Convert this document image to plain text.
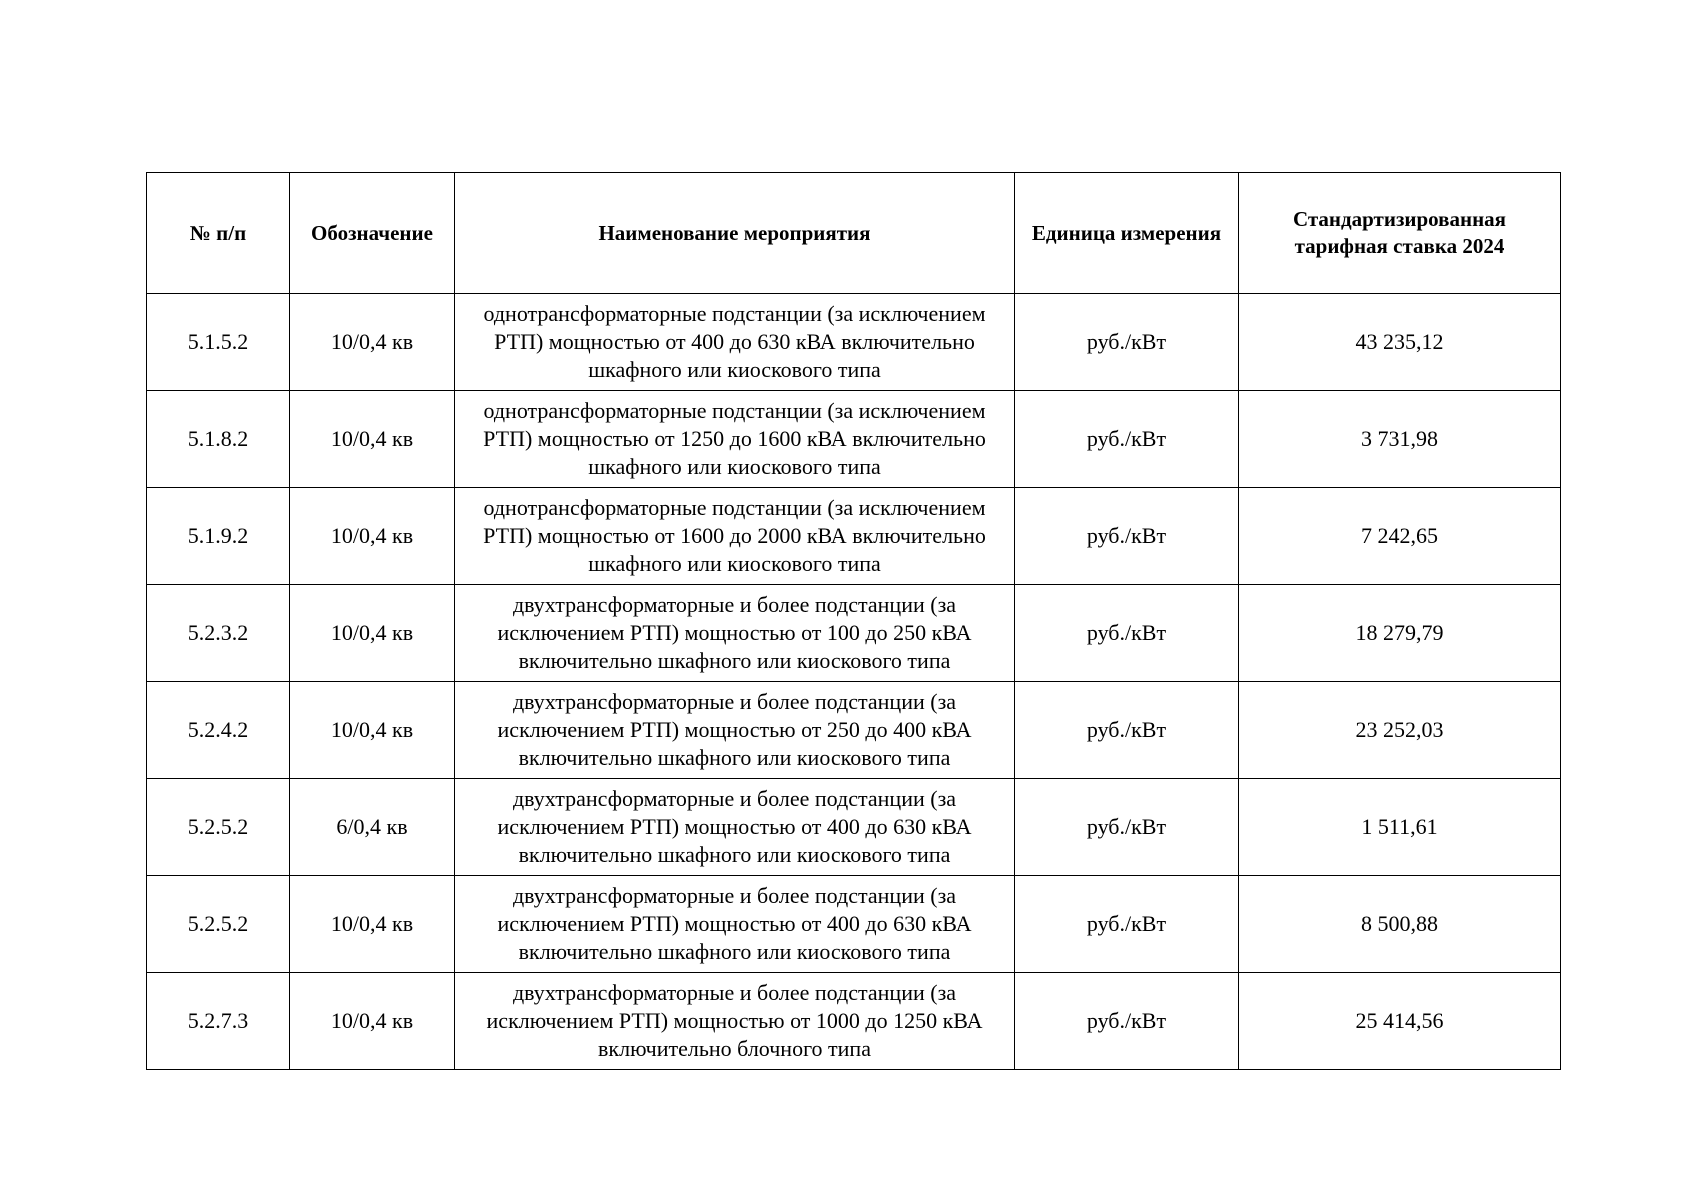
№ п/п	Обозначение	Наименование мероприятия	Единица измерения	Стандартизированная тарифная ставка 2024
5.1.5.2	10/0,4 кв	однотрансформаторные подстанции (за исключением РТП) мощностью от 400 до 630 кВА включительно шкафного или киоскового типа	руб./кВт	43 235,12
5.1.8.2	10/0,4 кв	однотрансформаторные подстанции (за исключением РТП) мощностью от 1250 до 1600 кВА включительно шкафного или киоскового типа	руб./кВт	3 731,98
5.1.9.2	10/0,4 кв	однотрансформаторные подстанции (за исключением РТП) мощностью от 1600 до 2000 кВА включительно шкафного или киоскового типа	руб./кВт	7 242,65
5.2.3.2	10/0,4 кв	двухтрансформаторные и более подстанции (за исключением РТП) мощностью от 100 до 250 кВА включительно шкафного или киоскового типа	руб./кВт	18 279,79
5.2.4.2	10/0,4 кв	двухтрансформаторные и более подстанции (за исключением РТП) мощностью от 250 до 400 кВА включительно шкафного или киоскового типа	руб./кВт	23 252,03
5.2.5.2	6/0,4 кв	двухтрансформаторные и более подстанции (за исключением РТП) мощностью от 400 до 630 кВА включительно шкафного или киоскового типа	руб./кВт	1 511,61
5.2.5.2	10/0,4 кв	двухтрансформаторные и более подстанции (за исключением РТП) мощностью от 400 до 630 кВА включительно шкафного или киоскового типа	руб./кВт	8 500,88
5.2.7.3	10/0,4 кв	двухтрансформаторные и более подстанции (за исключением РТП) мощностью от 1000 до 1250 кВА включительно блочного типа	руб./кВт	25 414,56
